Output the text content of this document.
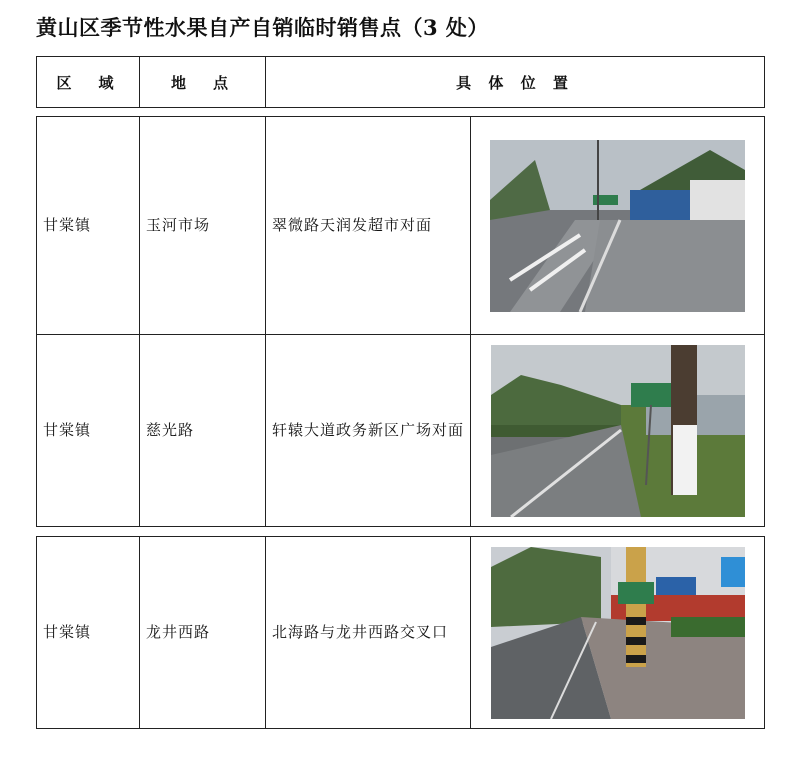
黄山区季节性水果自产自销临时销售点（3 处）
区　域	地　点	具 体 位 置
甘棠镇	玉河市场	翠微路天润发超市对面	
甘棠镇	慈光路	轩辕大道政务新区广场对面	
甘棠镇	龙井西路	北海路与龙井西路交叉口	
